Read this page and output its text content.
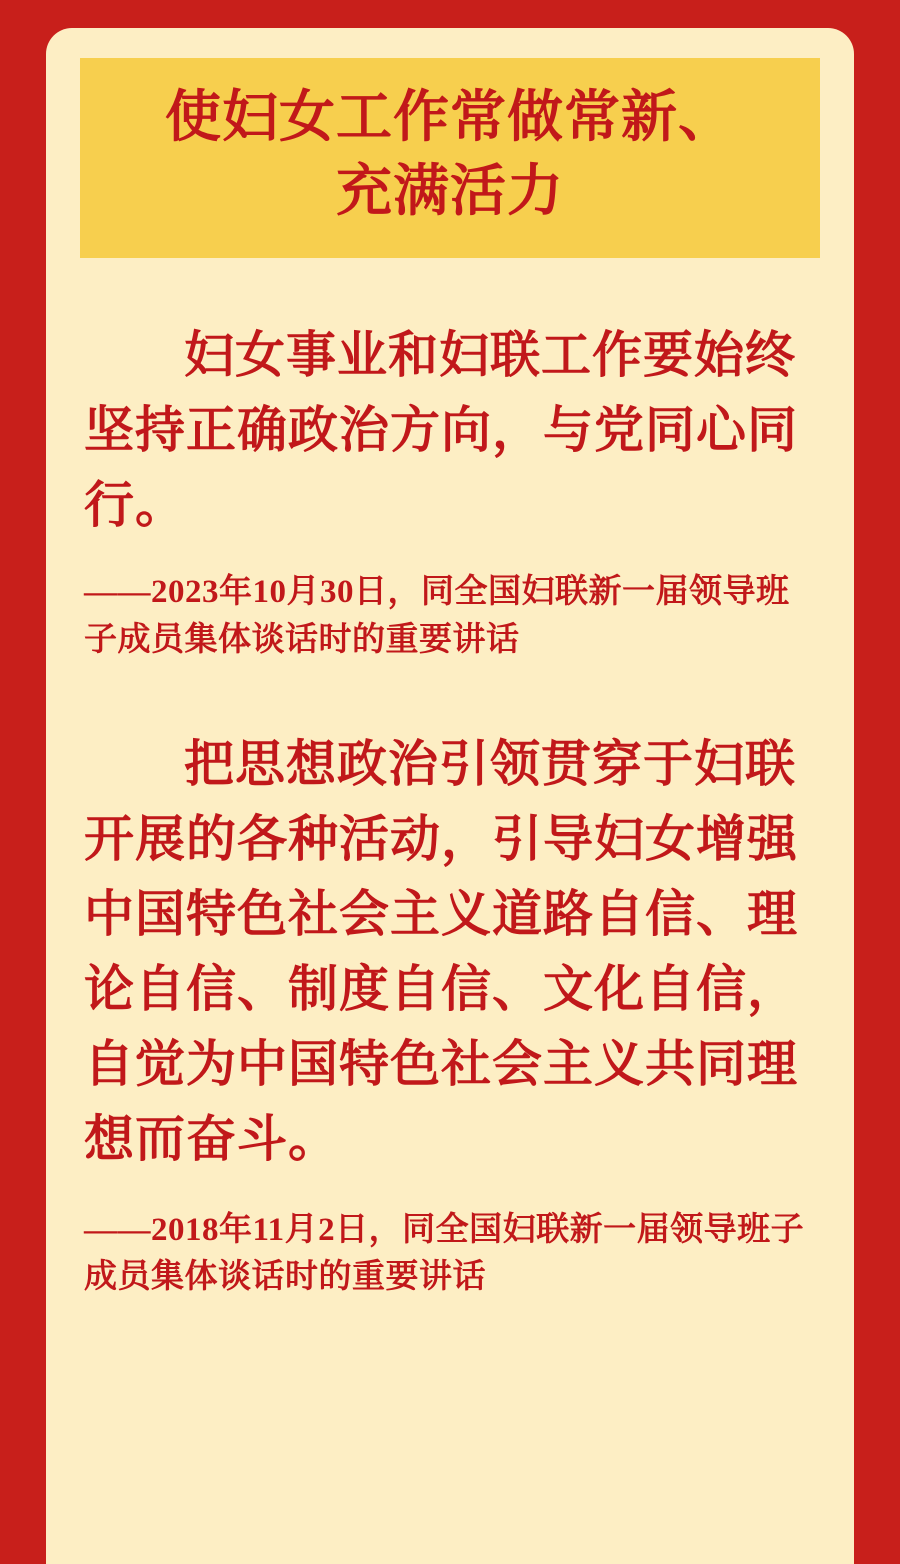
使妇女工作常做常新、
充满活力

妇女事业和妇联工作要始终坚持正确政治方向，与党同心同行。

——2023年10月30日，同全国妇联新一届领导班子成员集体谈话时的重要讲话

把思想政治引领贯穿于妇联开展的各种活动，引导妇女增强中国特色社会主义道路自信、理论自信、制度自信、文化自信，自觉为中国特色社会主义共同理想而奋斗。

——2018年11月2日，同全国妇联新一届领导班子成员集体谈话时的重要讲话
